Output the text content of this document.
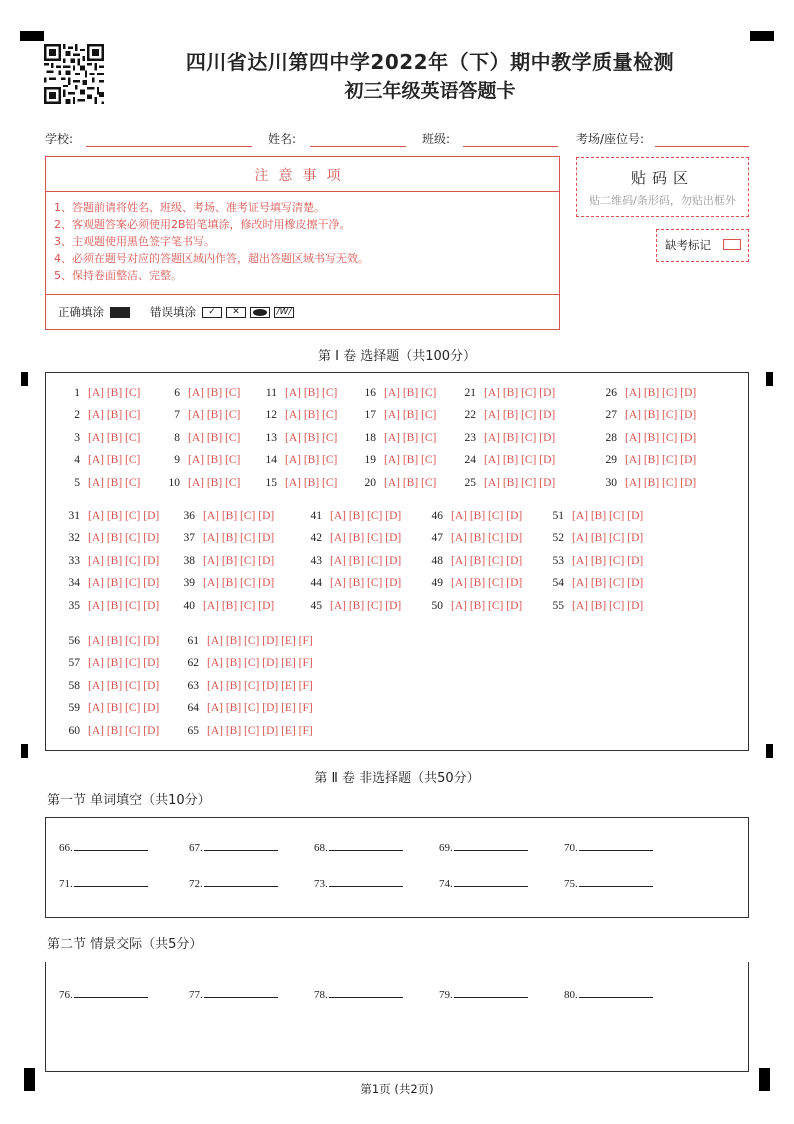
四川省达川第四中学2022年（下）期中教学质量检测
初三年级英语答题卡
学校:	姓名:	班级:	考场/座位号:
注意事项
1、答题前请将姓名、班级、考场、准考证号填写清楚。
2、客观题答案必须使用2B铅笔填涂，修改时用橡皮擦干净。
3、主观题使用黑色签字笔书写。
4、必须在题号对应的答题区域内作答，超出答题区域书写无效。
5、保持卷面整洁、完整。
正确填涂	错误填涂	✓	✕	/W/
贴码区
贴二维码/条形码，勿贴出框外
缺考标记
第 Ⅰ 卷 选择题（共100分）
1 [A] [B] [C]
2 [A] [B] [C]
3 [A] [B] [C]
4 [A] [B] [C]
5 [A] [B] [C]
6 [A] [B] [C]
7 [A] [B] [C]
8 [A] [B] [C]
9 [A] [B] [C]
10 [A] [B] [C]
11 [A] [B] [C]
12 [A] [B] [C]
13 [A] [B] [C]
14 [A] [B] [C]
15 [A] [B] [C]
16 [A] [B] [C]
17 [A] [B] [C]
18 [A] [B] [C]
19 [A] [B] [C]
20 [A] [B] [C]
21 [A] [B] [C] [D]
22 [A] [B] [C] [D]
23 [A] [B] [C] [D]
24 [A] [B] [C] [D]
25 [A] [B] [C] [D]
26 [A] [B] [C] [D]
27 [A] [B] [C] [D]
28 [A] [B] [C] [D]
29 [A] [B] [C] [D]
30 [A] [B] [C] [D]
31 [A] [B] [C] [D]
32 [A] [B] [C] [D]
33 [A] [B] [C] [D]
34 [A] [B] [C] [D]
35 [A] [B] [C] [D]
36 [A] [B] [C] [D]
37 [A] [B] [C] [D]
38 [A] [B] [C] [D]
39 [A] [B] [C] [D]
40 [A] [B] [C] [D]
41 [A] [B] [C] [D]
42 [A] [B] [C] [D]
43 [A] [B] [C] [D]
44 [A] [B] [C] [D]
45 [A] [B] [C] [D]
46 [A] [B] [C] [D]
47 [A] [B] [C] [D]
48 [A] [B] [C] [D]
49 [A] [B] [C] [D]
50 [A] [B] [C] [D]
51 [A] [B] [C] [D]
52 [A] [B] [C] [D]
53 [A] [B] [C] [D]
54 [A] [B] [C] [D]
55 [A] [B] [C] [D]
56 [A] [B] [C] [D]
57 [A] [B] [C] [D]
58 [A] [B] [C] [D]
59 [A] [B] [C] [D]
60 [A] [B] [C] [D]
61 [A] [B] [C] [D] [E] [F]
62 [A] [B] [C] [D] [E] [F]
63 [A] [B] [C] [D] [E] [F]
64 [A] [B] [C] [D] [E] [F]
65 [A] [B] [C] [D] [E] [F]
第 Ⅱ 卷 非选择题（共50分）
第一节 单词填空（共10分）
66.	67.	68.	69.	70.
71.	72.	73.	74.	75.
第二节 情景交际（共5分）
76.	77.	78.	79.	80.
第1页 (共2页)
